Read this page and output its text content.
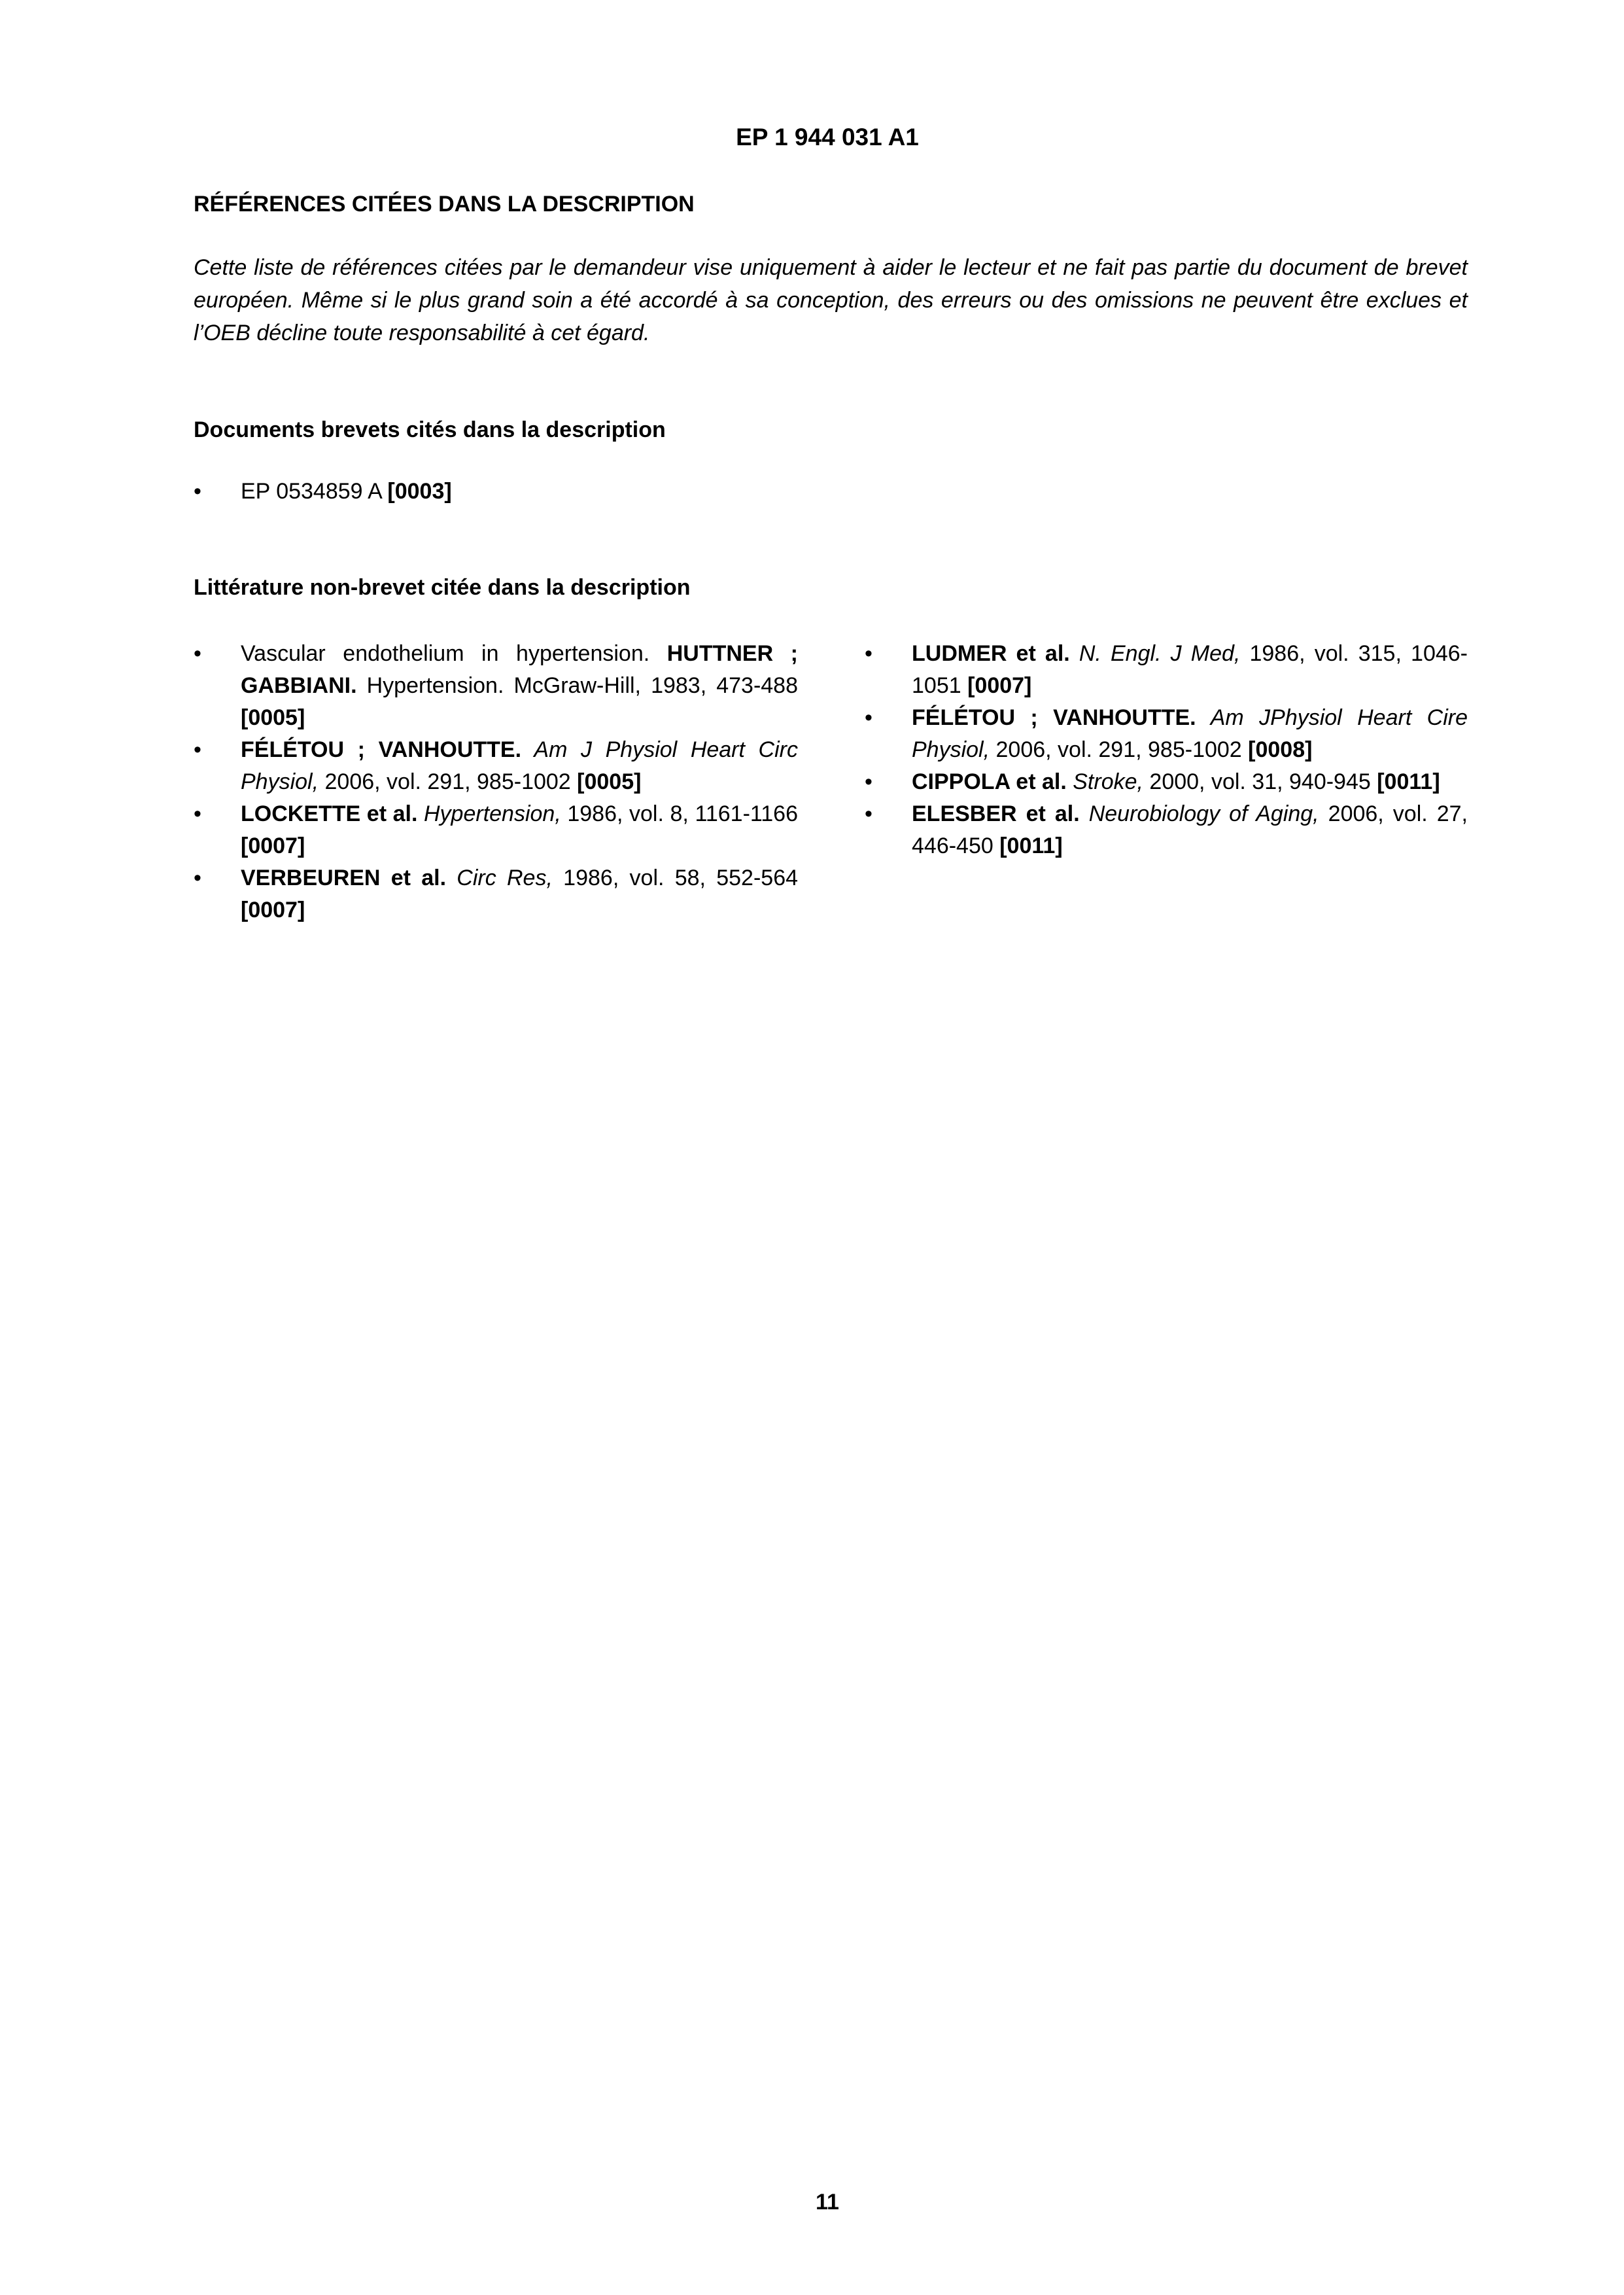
EP 1 944 031 A1
RÉFÉRENCES CITÉES DANS LA DESCRIPTION

Cette liste de références citées par le demandeur vise uniquement à aider le lecteur et ne fait pas partie du document de brevet européen. Même si le plus grand soin a été accordé à sa conception, des erreurs ou des omissions ne peuvent être exclues et l’OEB décline toute responsabilité à cet égard.

Documents brevets cités dans la description
•	EP 0534859 A [0003]
Littérature non-brevet citée dans la description
•	Vascular endothelium in hypertension. HUTTNER ; GABBIANI. Hypertension. McGraw-Hill, 1983, 473-488 [0005]
•	FÉLÉTOU ; VANHOUTTE. Am J Physiol Heart Circ Physiol, 2006, vol. 291, 985-1002 [0005]
•	LOCKETTE et al. Hypertension, 1986, vol. 8, 1161-1166 [0007]
•	VERBEUREN et al. Circ Res, 1986, vol. 58, 552-564 [0007]
•	LUDMER et al. N. Engl. J Med, 1986, vol. 315, 1046-1051 [0007]
•	FÉLÉTOU ; VANHOUTTE. Am JPhysiol Heart Cire Physiol, 2006, vol. 291, 985-1002 [0008]
•	CIPPOLA et al. Stroke, 2000, vol. 31, 940-945 [0011]
•	ELESBER et al. Neurobiology of Aging, 2006, vol. 27, 446-450 [0011]
11
